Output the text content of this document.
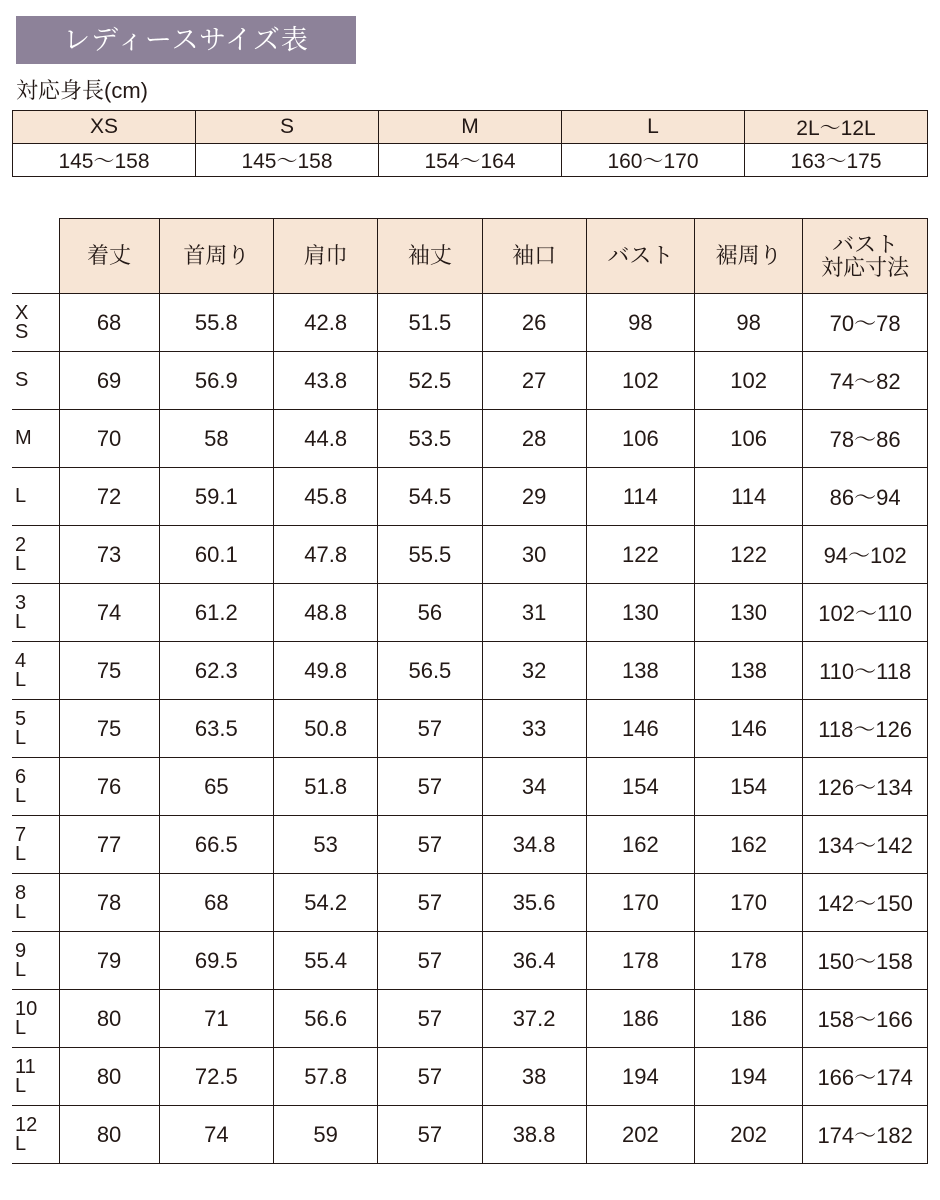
レディースサイズ表
対応身長(cm)
XS	S	M	L	2L～12L
145～158	145～158	154～164	160～170	163～175
	着丈	首周り	肩巾	袖丈	袖口	バスト	裾周り	バスト
対応寸法

X
S	68	55.8	42.8	51.5	26	98	98	70～78

S	69	56.9	43.8	52.5	27	102	102	74～82

M	70	58	44.8	53.5	28	106	106	78～86

L	72	59.1	45.8	54.5	29	114	114	86～94

2
L	73	60.1	47.8	55.5	30	122	122	94～102

3
L	74	61.2	48.8	56	31	130	130	102～110

4
L	75	62.3	49.8	56.5	32	138	138	110～118

5
L	75	63.5	50.8	57	33	146	146	118～126

6
L	76	65	51.8	57	34	154	154	126～134

7
L	77	66.5	53	57	34.8	162	162	134～142

8
L	78	68	54.2	57	35.6	170	170	142～150

9
L	79	69.5	55.4	57	36.4	178	178	150～158

10
L	80	71	56.6	57	37.2	186	186	158～166

11
L	80	72.5	57.8	57	38	194	194	166～174

12
L	80	74	59	57	38.8	202	202	174～182
